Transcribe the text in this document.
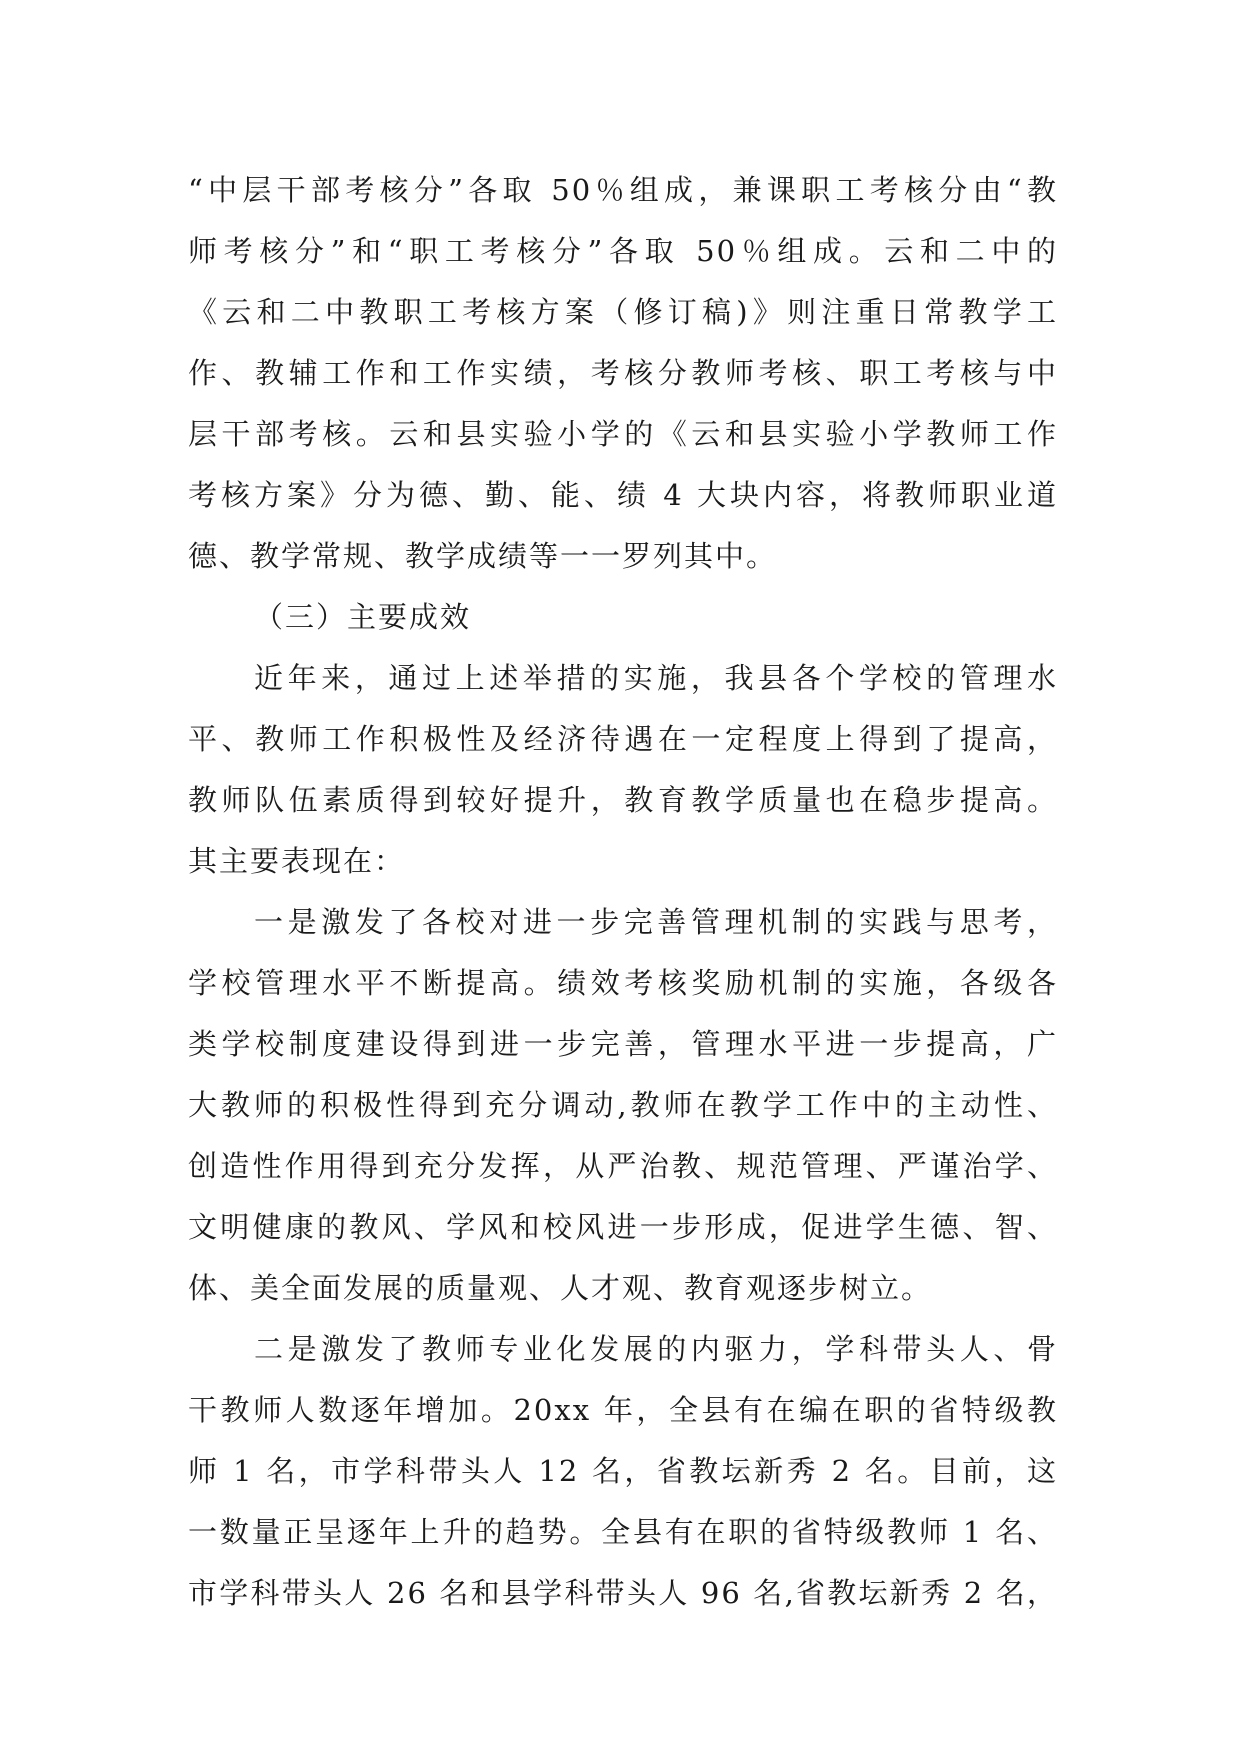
“中层干部考核分”各取 50％组成，兼课职工考核分由“教
师考核分”和“职工考核分”各取 50％组成。云和二中的
《云和二中教职工考核方案（修订稿)》则注重日常教学工
作、教辅工作和工作实绩，考核分教师考核、职工考核与中
层干部考核。云和县实验小学的《云和县实验小学教师工作
考核方案》分为德、勤、能、绩 4 大块内容，将教师职业道
德、教学常规、教学成绩等一一罗列其中。
（三）主要成效
近年来，通过上述举措的实施，我县各个学校的管理水
平、教师工作积极性及经济待遇在一定程度上得到了提高，
教师队伍素质得到较好提升，教育教学质量也在稳步提高。
其主要表现在：
一是激发了各校对进一步完善管理机制的实践与思考，
学校管理水平不断提高。绩效考核奖励机制的实施，各级各
类学校制度建设得到进一步完善，管理水平进一步提高，广
大教师的积极性得到充分调动,教师在教学工作中的主动性、
创造性作用得到充分发挥，从严治教、规范管理、严谨治学、
文明健康的教风、学风和校风进一步形成，促进学生德、智、
体、美全面发展的质量观、人才观、教育观逐步树立。
二是激发了教师专业化发展的内驱力，学科带头人、骨
干教师人数逐年增加。20xx 年，全县有在编在职的省特级教
师 1 名，市学科带头人 12 名，省教坛新秀 2 名。目前，这
一数量正呈逐年上升的趋势。全县有在职的省特级教师 1 名、
市学科带头人 26 名和县学科带头人 96 名,省教坛新秀 2 名，
